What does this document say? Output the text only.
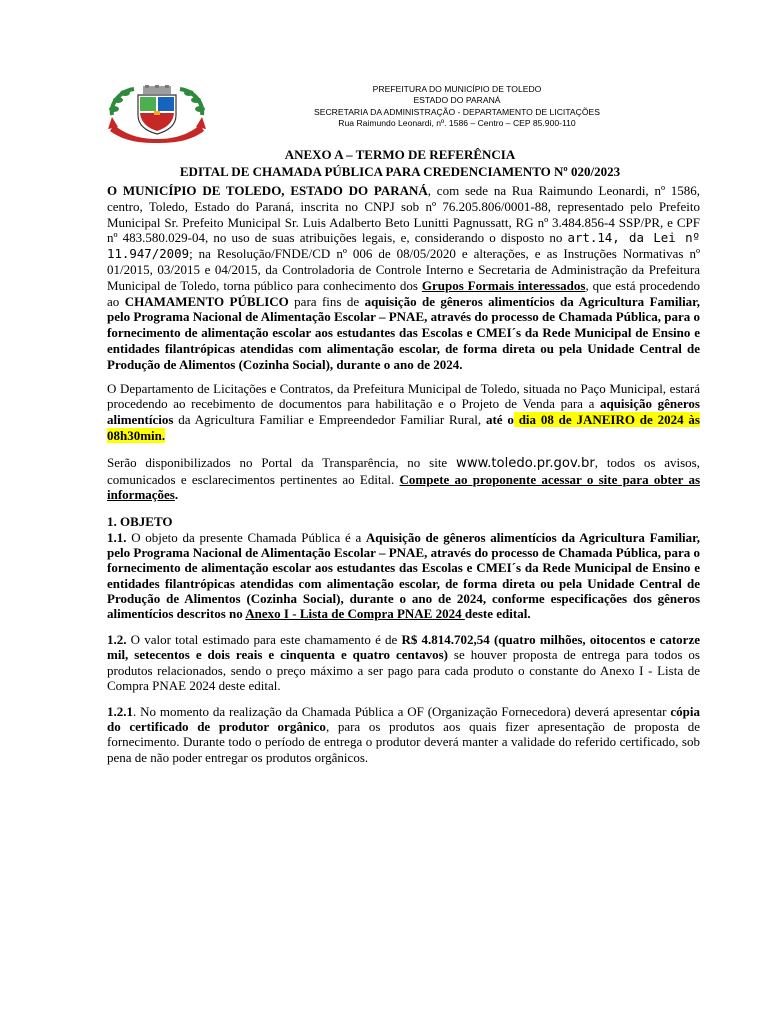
PREFEITURA DO MUNICÍPIO DE TOLEDO
ESTADO DO PARANÁ
SECRETARIA DA ADMINISTRAÇÃO - DEPARTAMENTO DE LICITAÇÕES
Rua Raimundo Leonardi, nº. 1586 – Centro – CEP 85.900-110
ANEXO A – TERMO DE REFERÊNCIA
EDITAL DE CHAMADA PÚBLICA PARA CREDENCIAMENTO Nº 020/2023

O MUNICÍPIO DE TOLEDO, ESTADO DO PARANÁ, com sede na Rua Raimundo Leonardi, nº 1586, centro, Toledo, Estado do Paraná, inscrita no CNPJ sob nº 76.205.806/0001-88, representado pelo Prefeito Municipal Sr. Prefeito Municipal Sr. Luis Adalberto Beto Lunitti Pagnussatt, RG nº 3.484.856-4 SSP/PR, e CPF nº 483.580.029-04, no uso de suas atribuições legais, e, considerando o disposto no art.14, da Lei nº 11.947/2009; na Resolução/FNDE/CD nº 006 de 08/05/2020 e alterações, e as Instruções Normativas nº 01/2015, 03/2015 e 04/2015, da Controladoria de Controle Interno e Secretaria de Administração da Prefeitura Municipal de Toledo, torna público para conhecimento dos Grupos Formais interessados, que está procedendo ao CHAMAMENTO PÚBLICO para fins de aquisição de gêneros alimentícios da Agricultura Familiar, pelo Programa Nacional de Alimentação Escolar – PNAE, através do processo de Chamada Pública, para o fornecimento de alimentação escolar aos estudantes das Escolas e CMEI´s da Rede Municipal de Ensino e entidades filantrópicas atendidas com alimentação escolar, de forma direta ou pela Unidade Central de Produção de Alimentos (Cozinha Social), durante o ano de 2024.

O Departamento de Licitações e Contratos, da Prefeitura Municipal de Toledo, situada no Paço Municipal, estará procedendo ao recebimento de documentos para habilitação e o Projeto de Venda para a aquisição gêneros alimentícios da Agricultura Familiar e Empreendedor Familiar Rural, até o dia 08 de JANEIRO de 2024 às 08h30min.

Serão disponibilizados no Portal da Transparência, no site www.toledo.pr.gov.br, todos os avisos, comunicados e esclarecimentos pertinentes ao Edital. Compete ao proponente acessar o site para obter as informações.

1. OBJETO

1.1. O objeto da presente Chamada Pública é a Aquisição de gêneros alimentícios da Agricultura Familiar, pelo Programa Nacional de Alimentação Escolar – PNAE, através do processo de Chamada Pública, para o fornecimento de alimentação escolar aos estudantes das Escolas e CMEI´s da Rede Municipal de Ensino e entidades filantrópicas atendidas com alimentação escolar, de forma direta ou pela Unidade Central de Produção de Alimentos (Cozinha Social), durante o ano de 2024, conforme especificações dos gêneros alimentícios descritos no Anexo I - Lista de Compra PNAE 2024 deste edital.

1.2. O valor total estimado para este chamamento é de R$ 4.814.702,54 (quatro milhões, oitocentos e catorze mil, setecentos e dois reais e cinquenta e quatro centavos) se houver proposta de entrega para todos os produtos relacionados, sendo o preço máximo a ser pago para cada produto o constante do Anexo I - Lista de Compra PNAE 2024 deste edital.

1.2.1. No momento da realização da Chamada Pública a OF (Organização Fornecedora) deverá apresentar cópia do certificado de produtor orgânico, para os produtos aos quais fizer apresentação de proposta de fornecimento. Durante todo o período de entrega o produtor deverá manter a validade do referido certificado, sob pena de não poder entregar os produtos orgânicos.
